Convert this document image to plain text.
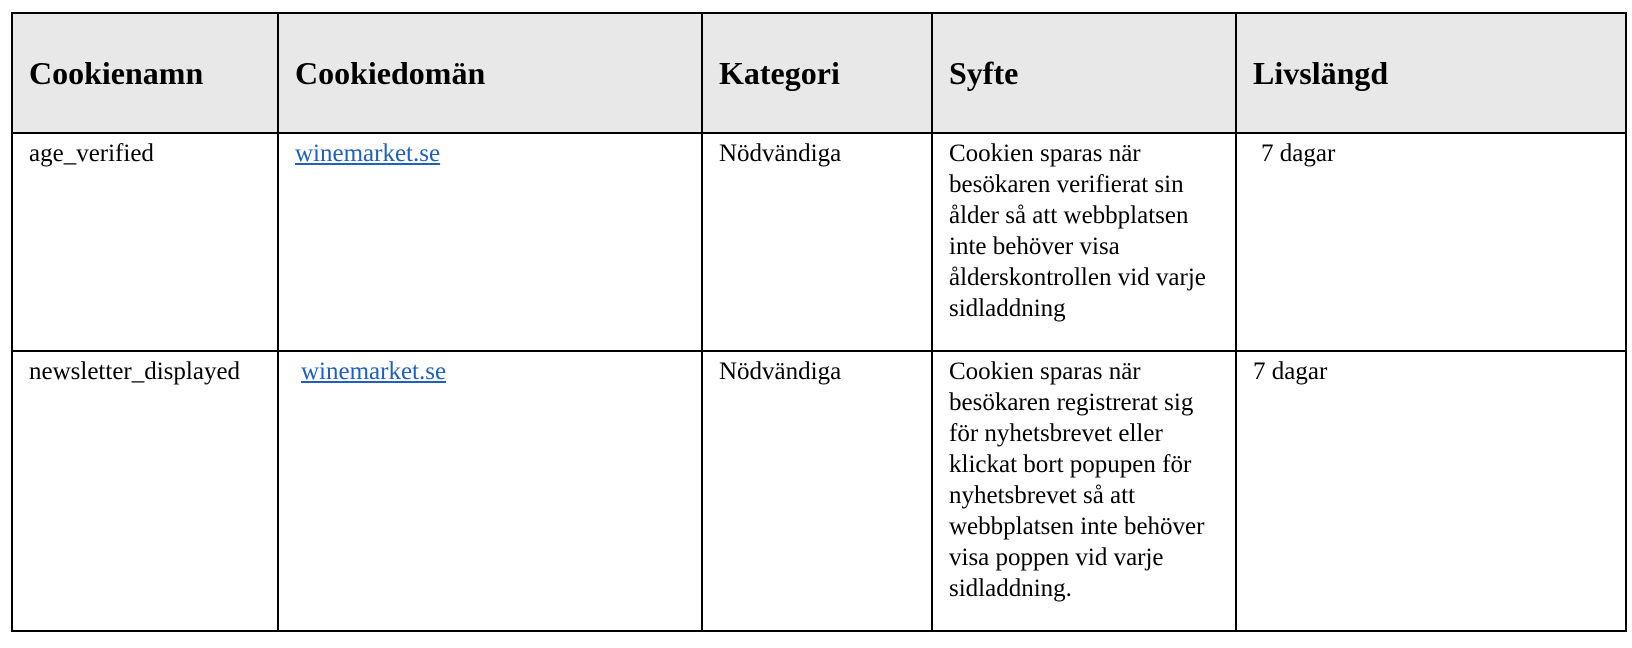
Cookienamn	Cookiedomän	Kategori	Syfte	Livslängd
age_verified	winemarket.se	Nödvändiga	Cookien sparas när besökaren verifierat sin ålder så att webbplatsen inte behöver visa ålderskontrollen vid varje sidladdning	7 dagar
newsletter_displayed	winemarket.se	Nödvändiga	Cookien sparas när besökaren registrerat sig för nyhetsbrevet eller klickat bort popupen för nyhetsbrevet så att webbplatsen inte behöver visa poppen vid varje sidladdning.	7 dagar
